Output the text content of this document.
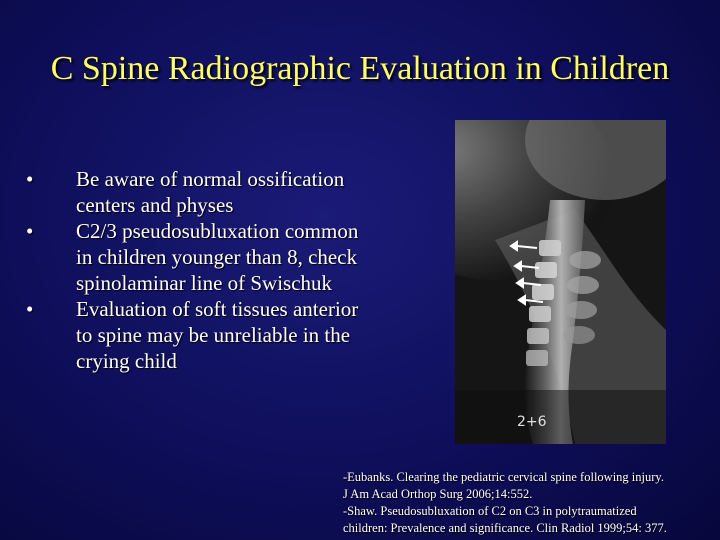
C Spine Radiographic Evaluation in Children
•	Be aware of normal ossification centers and physes
•	C2/3 pseudosubluxation common in children younger than 8, check spinolaminar line of Swischuk
•	Evaluation of soft tissues anterior to spine may be unreliable in the crying child
2+6
-Eubanks. Clearing the pediatric cervical spine following injury.
J Am Acad Orthop Surg 2006;14:552.
-Shaw. Pseudosubluxation of C2 on C3 in polytraumatized
children: Prevalence and significance. Clin Radiol 1999;54: 377.
